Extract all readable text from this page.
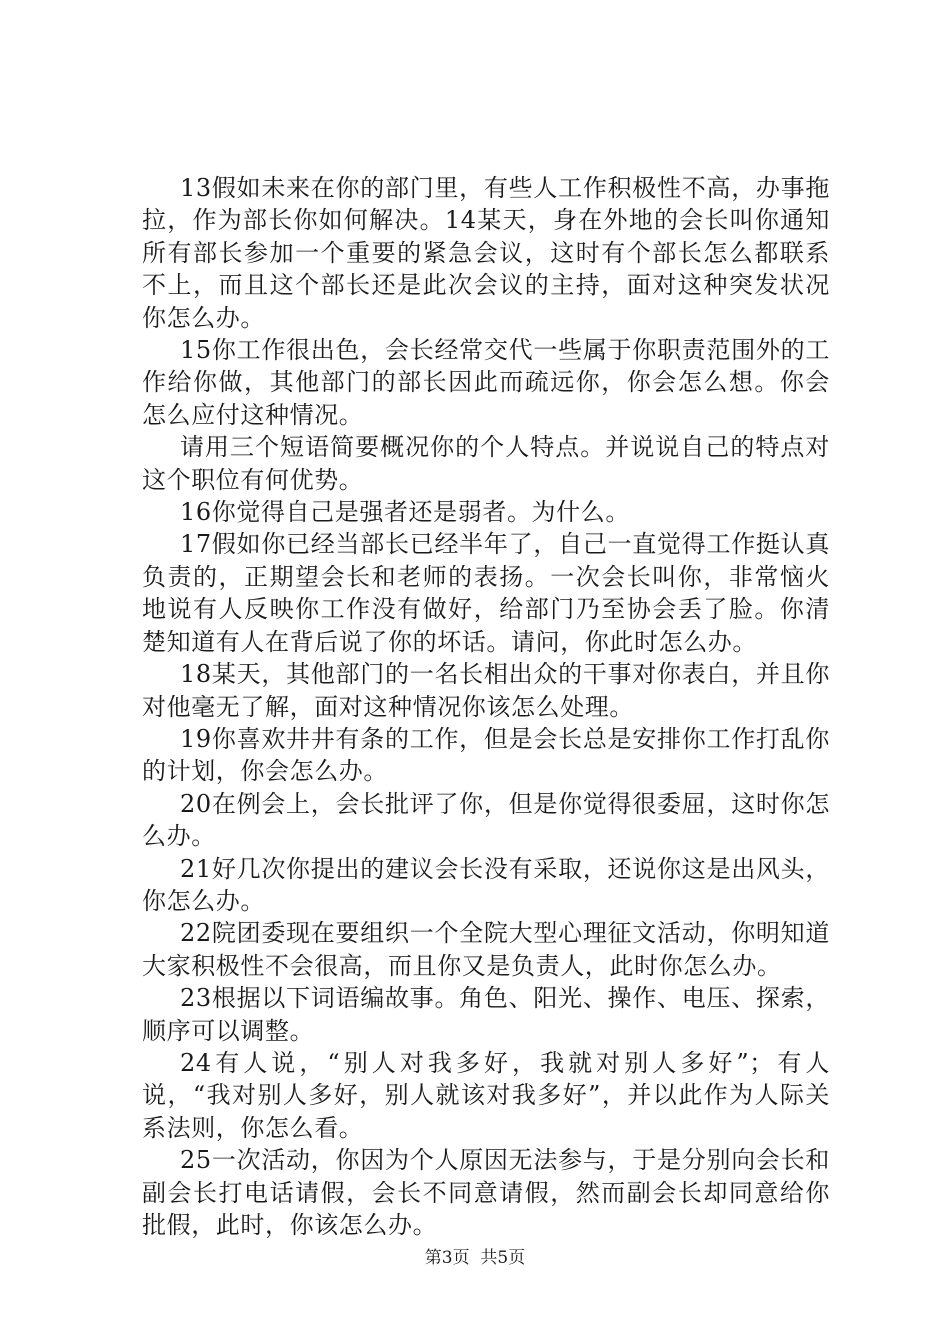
13假如未来在你的部门里，有些人工作积极性不高，办事拖拉，作为部长你如何解决。14某天，身在外地的会长叫你通知所有部长参加一个重要的紧急会议，这时有个部长怎么都联系不上，而且这个部长还是此次会议的主持，面对这种突发状况你怎么办。

15你工作很出色，会长经常交代一些属于你职责范围外的工作给你做，其他部门的部长因此而疏远你，你会怎么想。你会怎么应付这种情况。

请用三个短语简要概况你的个人特点。并说说自己的特点对这个职位有何优势。

16你觉得自己是强者还是弱者。为什么。

17假如你已经当部长已经半年了，自己一直觉得工作挺认真负责的，正期望会长和老师的表扬。一次会长叫你，非常恼火地说有人反映你工作没有做好，给部门乃至协会丢了脸。你清楚知道有人在背后说了你的坏话。请问，你此时怎么办。

18某天，其他部门的一名长相出众的干事对你表白，并且你对他毫无了解，面对这种情况你该怎么处理。

19你喜欢井井有条的工作，但是会长总是安排你工作打乱你的计划，你会怎么办。

20在例会上，会长批评了你，但是你觉得很委屈，这时你怎么办。

21好几次你提出的建议会长没有采取，还说你这是出风头，你怎么办。

22院团委现在要组织一个全院大型心理征文活动，你明知道大家积极性不会很高，而且你又是负责人，此时你怎么办。

23根据以下词语编故事。角色、阳光、操作、电压、探索，顺序可以调整。

24有人说，“别人对我多好，我就对别人多好”；有人说，“我对别人多好，别人就该对我多好”，并以此作为人际关系法则，你怎么看。

25一次活动，你因为个人原因无法参与，于是分别向会长和副会长打电话请假，会长不同意请假，然而副会长却同意给你批假，此时，你该怎么办。

第3页  共5页
